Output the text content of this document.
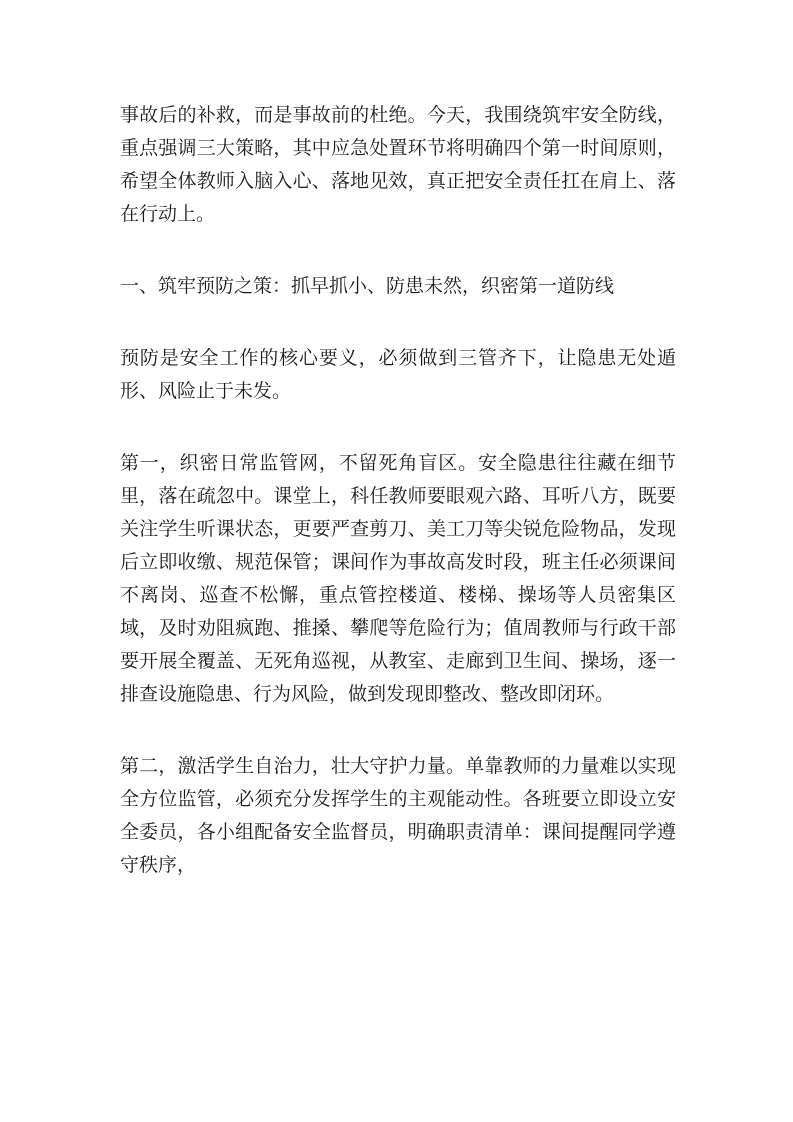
事故后的补救，而是事故前的杜绝。今天，我围绕筑牢安全防线，重点强调三大策略，其中应急处置环节将明确四个第一时间原则，希望全体教师入脑入心、落地见效，真正把安全责任扛在肩上、落在行动上。

一、筑牢预防之策：抓早抓小、防患未然，织密第一道防线

预防是安全工作的核心要义，必须做到三管齐下，让隐患无处遁形、风险止于未发。

第一，织密日常监管网，不留死角盲区。安全隐患往往藏在细节里，落在疏忽中。课堂上，科任教师要眼观六路、耳听八方，既要关注学生听课状态，更要严查剪刀、美工刀等尖锐危险物品，发现后立即收缴、规范保管；课间作为事故高发时段，班主任必须课间不离岗、巡查不松懈，重点管控楼道、楼梯、操场等人员密集区域，及时劝阻疯跑、推搡、攀爬等危险行为；值周教师与行政干部要开展全覆盖、无死角巡视，从教室、走廊到卫生间、操场，逐一排查设施隐患、行为风险，做到发现即整改、整改即闭环。

第二，激活学生自治力，壮大守护力量。单靠教师的力量难以实现全方位监管，必须充分发挥学生的主观能动性。各班要立即设立安全委员，各小组配备安全监督员，明确职责清单：课间提醒同学遵守秩序，
